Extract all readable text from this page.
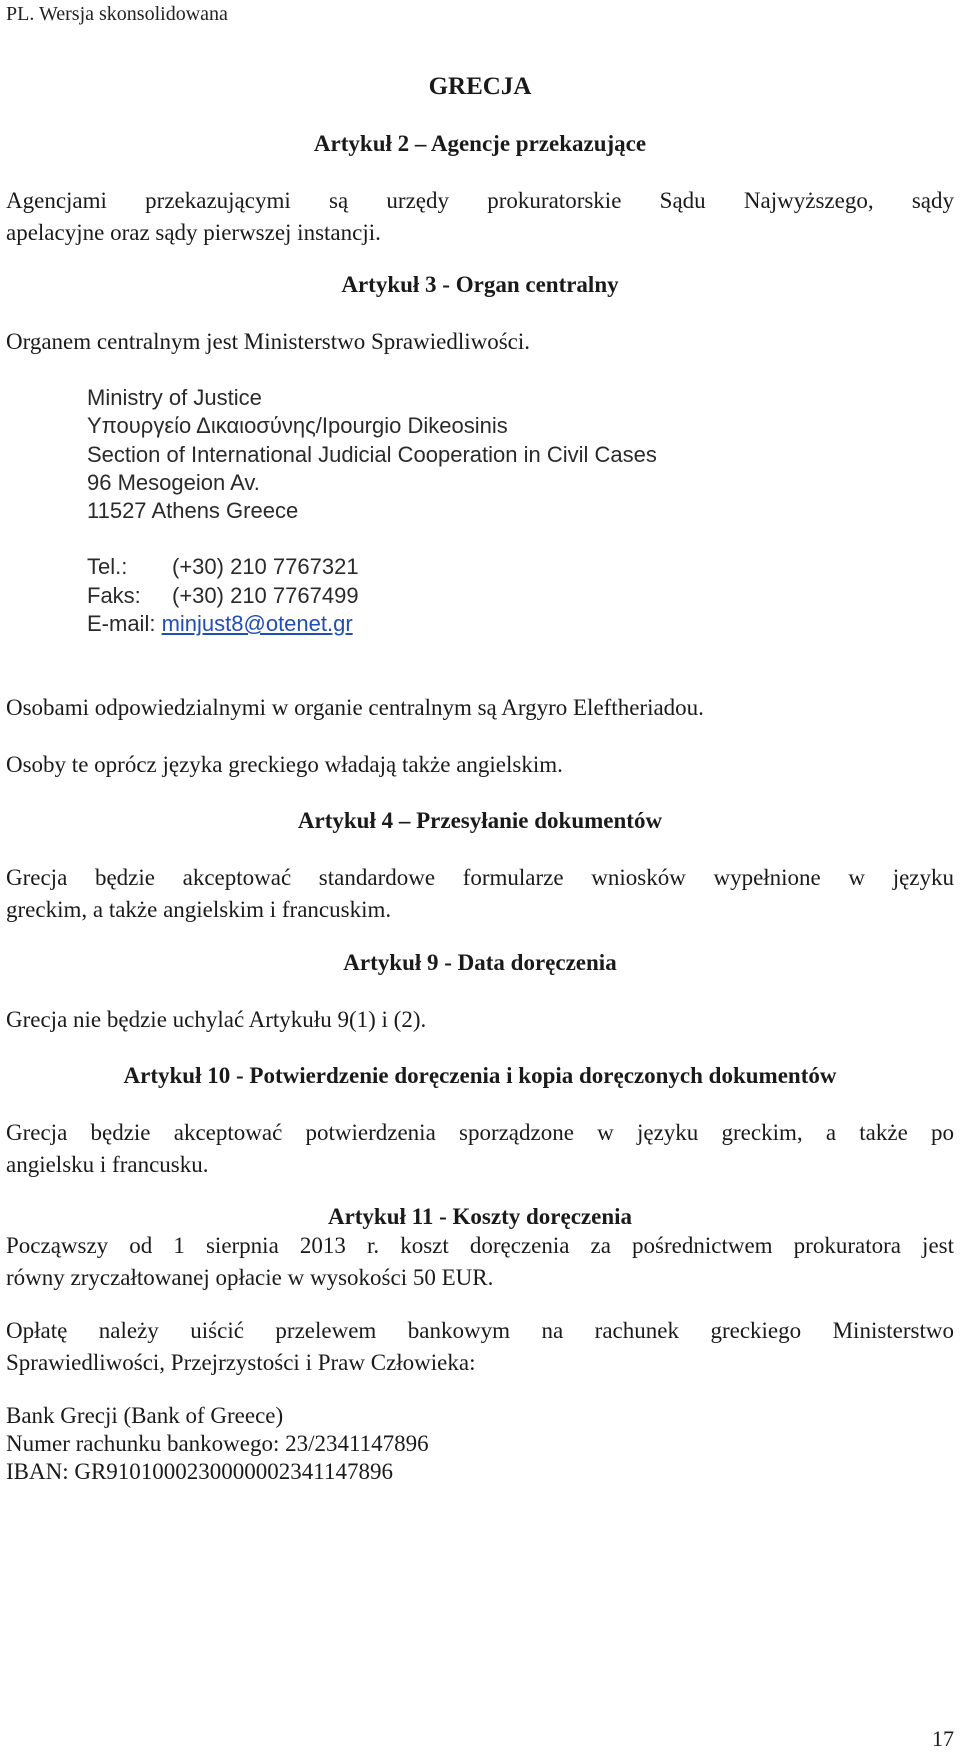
PL. Wersja skonsolidowana
GRECJA
Artykuł 2 – Agencje przekazujące
Agencjami przekazującymi są urzędy prokuratorskie Sądu Najwyższego, sądy
apelacyjne oraz sądy pierwszej instancji.
Artykuł 3 - Organ centralny
Organem centralnym jest Ministerstwo Sprawiedliwości.
Ministry of Justice
Υπουργείο Δικαιοσύνης/Ipourgio Dikeosinis
Section of International Judicial Cooperation in Civil Cases
96 Mesogeion Av.
11527 Athens Greece
Tel.: (+30) 210 7767321
Faks: (+30) 210 7767499
E-mail: minjust8@otenet.gr
Osobami odpowiedzialnymi w organie centralnym są Argyro Eleftheriadou.
Osoby te oprócz języka greckiego władają także angielskim.
Artykuł 4 – Przesyłanie dokumentów
Grecja będzie akceptować standardowe formularze wniosków wypełnione w języku
greckim, a także angielskim i francuskim.
Artykuł 9 - Data doręczenia
Grecja nie będzie uchylać Artykułu 9(1) i (2).
Artykuł 10 - Potwierdzenie doręczenia i kopia doręczonych dokumentów
Grecja będzie akceptować potwierdzenia sporządzone w języku greckim, a także po
angielsku i francusku.
Artykuł 11 - Koszty doręczenia
Począwszy od 1 sierpnia 2013 r. koszt doręczenia za pośrednictwem prokuratora jest
równy zryczałtowanej opłacie w wysokości 50 EUR.
Opłatę należy uiścić przelewem bankowym na rachunek greckiego Ministerstwo
Sprawiedliwości, Przejrzystości i Praw Człowieka:
Bank Grecji (Bank of Greece)
Numer rachunku bankowego: 23/2341147896
IBAN: GR9101000230000002341147896
17
